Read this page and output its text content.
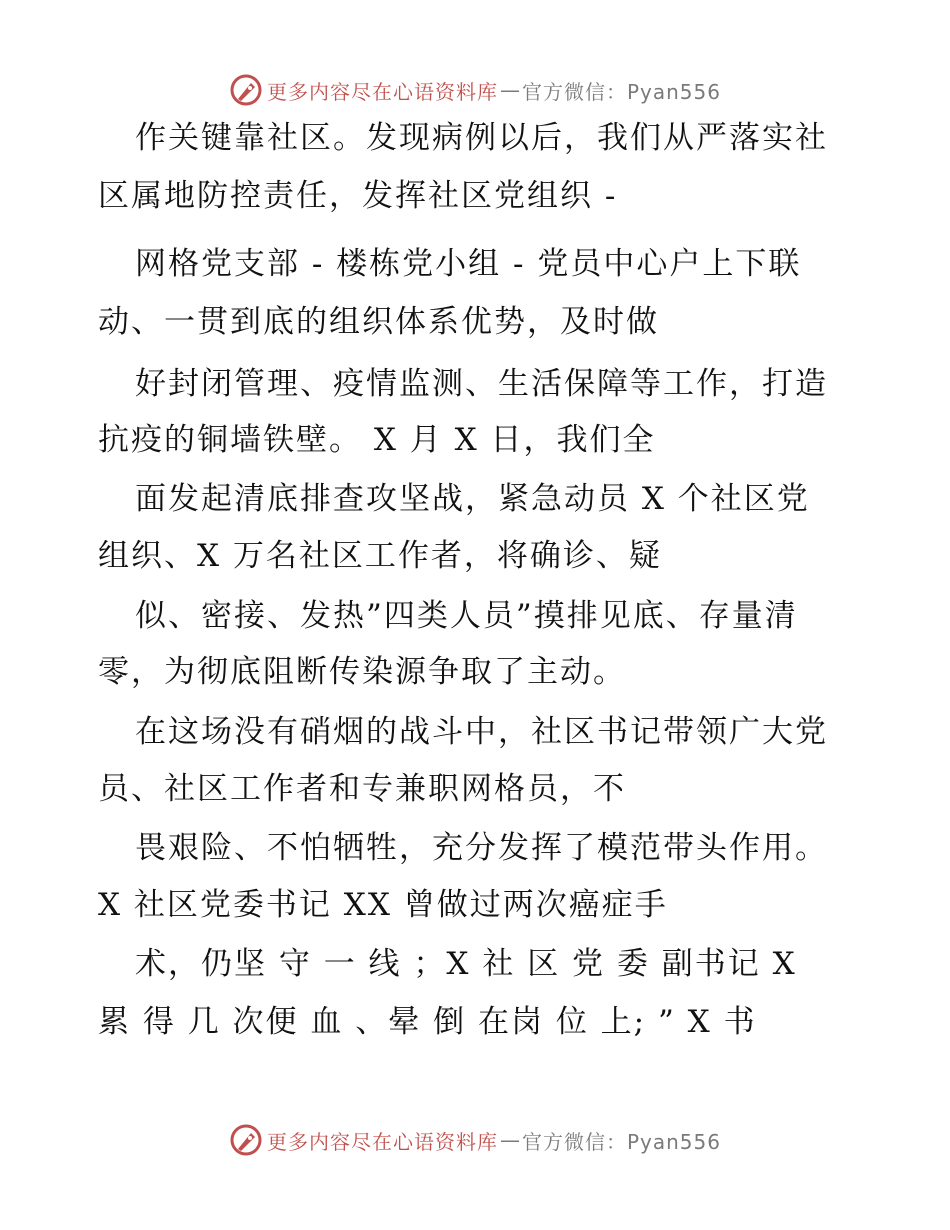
更多内容尽在心语资料库 — 官方微信：Pyan556
作关键靠社区。发现病例以后，我们从严落实社
区属地防控责任，发挥社区党组织 -
网格党支部 - 楼栋党小组 - 党员中心户上下联
动、一贯到底的组织体系优势，及时做
好封闭管理、疫情监测、生活保障等工作，打造
抗疫的铜墙铁壁。 X 月 X 日，我们全
面发起清底排查攻坚战，紧急动员 X 个社区党
组织、X 万名社区工作者，将确诊、疑
似、密接、发热”四类人员”摸排见底、存量清
零，为彻底阻断传染源争取了主动。
在这场没有硝烟的战斗中，社区书记带领广大党
员、社区工作者和专兼职网格员，不
畏艰险、不怕牺牲，充分发挥了模范带头作用。
X 社区党委书记 XX 曾做过两次癌症手
术，仍坚 守 一 线 ；X 社 区 党 委 副书记 X
累 得 几 次便 血 、晕 倒 在岗 位 上; ” X 书
更多内容尽在心语资料库 — 官方微信：Pyan556
